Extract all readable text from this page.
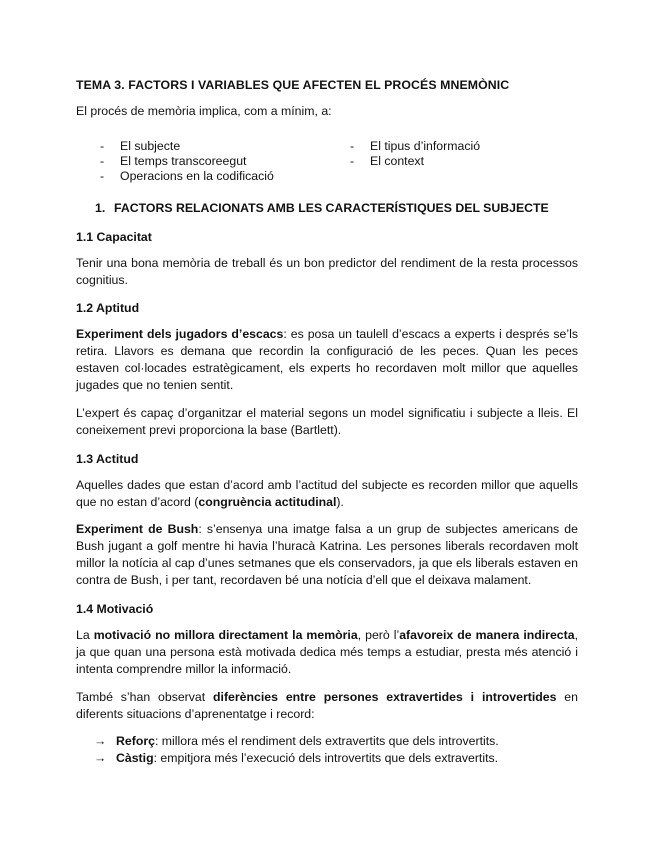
TEMA 3. FACTORS I VARIABLES QUE AFECTEN EL PROCÉS MNEMÒNIC

El procés de memòria implica, com a mínim, a:

- El subjecte
- El temps transcoreegut
- Operacions en la codificació
- El tipus d’informació
- El context
1. FACTORS RELACIONATS AMB LES CARACTERÍSTIQUES DEL SUBJECTE
1.1 Capacitat

Tenir una bona memòria de treball és un bon predictor del rendiment de la resta processos cognitius.

1.2 Aptitud

Experiment dels jugadors d’escacs: es posa un taulell d’escacs a experts i després se’ls retira. Llavors es demana que recordin la configuració de les peces. Quan les peces estaven col·locades estratègicament, els experts ho recordaven molt millor que aquelles jugades que no tenien sentit.

L’expert és capaç d’organitzar el material segons un model significatiu i subjecte a lleis. El coneixement previ proporciona la base (Bartlett).

1.3 Actitud

Aquelles dades que estan d’acord amb l’actitud del subjecte es recorden millor que aquells que no estan d’acord (congruència actitudinal).

Experiment de Bush: s’ensenya una imatge falsa a un grup de subjectes americans de Bush jugant a golf mentre hi havia l’huracà Katrina. Les persones liberals recordaven molt millor la notícia al cap d’unes setmanes que els conservadors, ja que els liberals estaven en contra de Bush, i per tant, recordaven bé una notícia d’ell que el deixava malament.

1.4 Motivació

La motivació no millora directament la memòria, però l’afavoreix de manera indirecta, ja que quan una persona està motivada dedica més temps a estudiar, presta més atenció i intenta comprendre millor la informació.

També s’han observat diferències entre persones extravertides i introvertides en diferents situacions d’aprenentatge i record:

→ Reforç: millora més el rendiment dels extravertits que dels introvertits.
→ Càstig: empitjora més l’execució dels introvertits que dels extravertits.
